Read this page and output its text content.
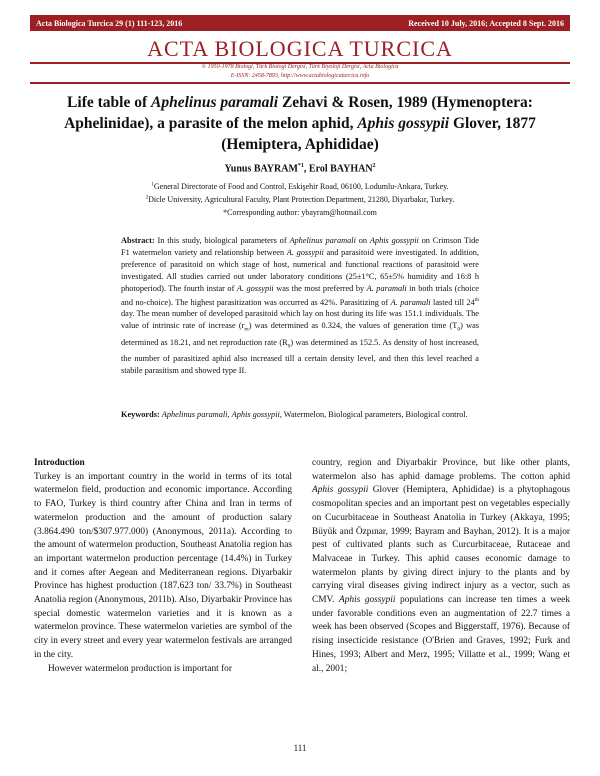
Acta Biologica Turcica 29 (1) 111-123, 2016	Received 10 July, 2016; Accepted 8 Sept. 2016
ACTA BIOLOGICA TURCICA
© 1950-1978 Biologi, Türk Biologi Dergisi, Türk Biyoloji Dergisi, Acta Biologica
E-ISSN: 2458-7893, http://www.actabiologicaturcica.info
Life table of Aphelinus paramali Zehavi & Rosen, 1989 (Hymenoptera: Aphelinidae), a parasite of the melon aphid, Aphis gossypii Glover, 1877 (Hemiptera, Aphididae)
Yunus BAYRAM$^{*1}$, Erol BAYHAN$^2$
$^1$General Directorate of Food and Control, Eskişehir Road, 06100, Lodumlu-Ankara, Turkey.
$^2$Dicle University, Agricultural Faculty, Plant Protection Department, 21280, Diyarbakır, Turkey.
*Corresponding author: ybayram@hotmail.com
Abstract: In this study, biological parameters of Aphelinus paramali on Aphis gossypii on Crimson Tide F1 watermelon variety and relationship between A. gossypii and parasitoid were investigated. In addition, preference of parasitoid on which stage of host, numerical and functional reactions of parasitoid were investigated. All studies carried out under laboratory conditions (25±1°C, 65±5% humidity and 16:8 h photoperiod). The fourth instar of A. gossypii was the most preferred by A. paramali in both trials (choice and no-choice). The highest parasitization was occurred as 42%. Parasitizing of A. paramali lasted till 24th day. The mean number of developed parasitoid which lay on host during its life was 151.1 individuals. The value of intrinsic rate of increase $(r_m)$ was determined as 0.324, the values of generation time $(T_0)$ was determined as 18.21, and net reproduction rate $(R_0)$ was determined as 152.5. As density of host increased, the number of parasitized aphid also increased till a certain density level, and then this level reached a stabile parasitism and showed type II.
Keywords: Aphelinus paramali, Aphis gossypii, Watermelon, Biological parameters, Biological control.

Introduction

Turkey is an important country in the world in terms of its total watermelon field, production and economic importance. According to FAO, Turkey is third country after China and Iran in terms of watermelon production and the amount of production salary (3.864.490 ton/$307.977.000) (Anonymous, 2011a). According to the amount of watermelon production, Southeast Anatolia region has an important watermelon production percentage (14.4%) in Turkey and it comes after Aegean and Mediterranean regions. Diyarbakir Province has highest production (187.623 ton/ 33.7%) in Southeast Anatolia region (Anonymous, 2011b). Also, Diyarbakir Province has special domestic watermelon varieties and it is known as a watermelon province. These watermelon varieties are symbol of the city in every street and every year watermelon festivals are arranged in the city.

However watermelon production is important for

country, region and Diyarbakir Province, but like other plants, watermelon also has aphid damage problems. The cotton aphid Aphis gossypii Glover (Hemiptera, Aphididae) is a phytophagous cosmopolitan species and an important pest on vegetables especially on Cucurbitaceae in Southeast Anatolia in Turkey (Akkaya, 1995; Büyük and Özpınar, 1999; Bayram and Bayhan, 2012). It is a major pest of cultivated plants such as Curcurbitaceae, Rutaceae and Malvaceae in Turkey. This aphid causes economic damage to watermelon plants by giving direct injury to the plants and by carrying viral diseases giving indirect injury as a vector, such as CMV. Aphis gossypii populations can increase ten times a week under favorable conditions even an augmentation of 22.7 times a week has been observed (Scopes and Biggerstaff, 1976). Because of rising insecticide resistance (O'Brien and Graves, 1992; Furk and Hines, 1993; Albert and Merz, 1995; Villatte et al., 1999; Wang et al., 2001;

111
